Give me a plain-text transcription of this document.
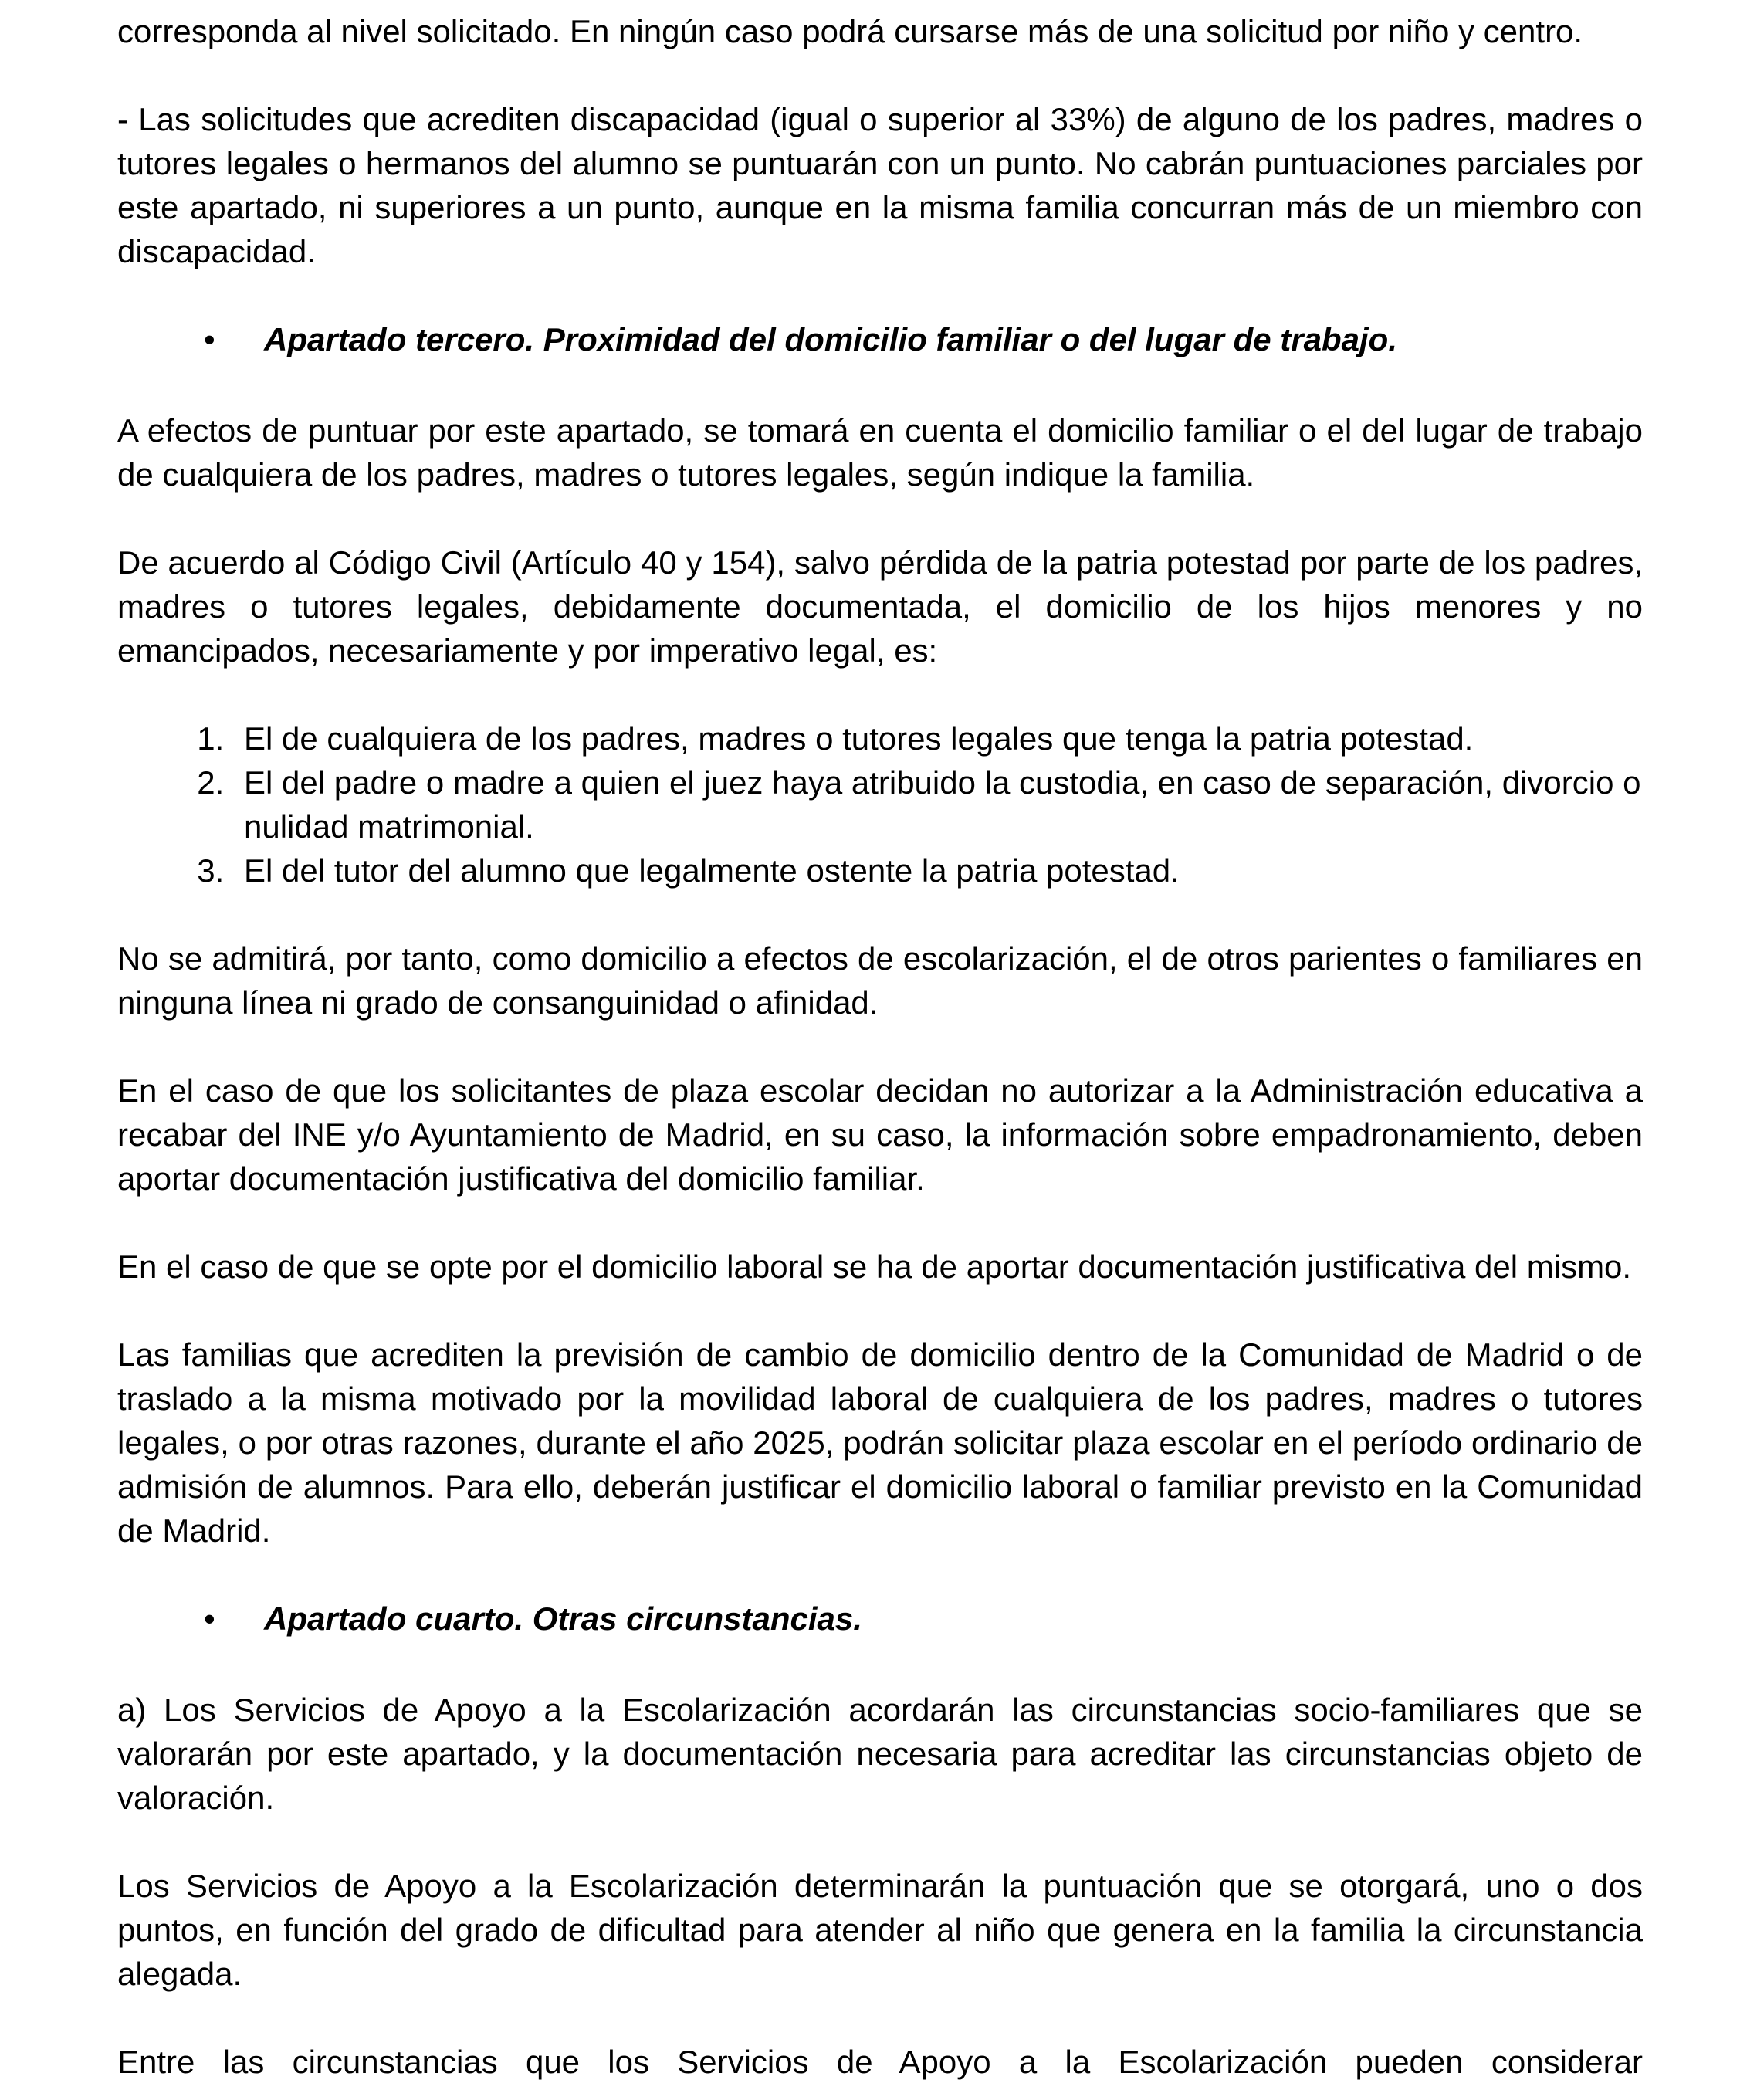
corresponda al nivel solicitado. En ningún caso podrá cursarse más de una solicitud por niño y centro.

- Las solicitudes que acrediten discapacidad (igual o superior al 33%) de alguno de los padres, madres o tutores legales o hermanos del alumno se puntuarán con un punto. No cabrán puntuaciones parciales por este apartado, ni superiores a un punto, aunque en la misma familia concurran más de un miembro con discapacidad.

•	Apartado tercero. Proximidad del domicilio familiar o del lugar de trabajo.

A efectos de puntuar por este apartado, se tomará en cuenta el domicilio familiar o el del lugar de trabajo de cualquiera de los padres, madres o tutores legales, según indique la familia.

De acuerdo al Código Civil (Artículo 40 y 154), salvo pérdida de la patria potestad por parte de los padres, madres o tutores legales, debidamente documentada, el domicilio de los hijos menores y no emancipados, necesariamente y por imperativo legal, es:

1. El de cualquiera de los padres, madres o tutores legales que tenga la patria potestad.
2. El del padre o madre a quien el juez haya atribuido la custodia, en caso de separación, divorcio o nulidad matrimonial.
3. El del tutor del alumno que legalmente ostente la patria potestad.

No se admitirá, por tanto, como domicilio a efectos de escolarización, el de otros parientes o familiares en ninguna línea ni grado de consanguinidad o afinidad.

En el caso de que los solicitantes de plaza escolar decidan no autorizar a la Administración educativa a recabar del INE y/o Ayuntamiento de Madrid, en su caso, la información sobre empadronamiento, deben aportar documentación justificativa del domicilio familiar.

En el caso de que se opte por el domicilio laboral se ha de aportar documentación justificativa del mismo.

Las familias que acrediten la previsión de cambio de domicilio dentro de la Comunidad de Madrid o de traslado a la misma motivado por la movilidad laboral de cualquiera de los padres, madres o tutores legales, o por otras razones, durante el año 2025, podrán solicitar plaza escolar en el período ordinario de admisión de alumnos. Para ello, deberán justificar el domicilio laboral o familiar previsto en la Comunidad de Madrid.

•	Apartado cuarto. Otras circunstancias.

a) Los Servicios de Apoyo a la Escolarización acordarán las circunstancias socio-familiares que se valorarán por este apartado, y la documentación necesaria para acreditar las circunstancias objeto de valoración.

Los Servicios de Apoyo a la Escolarización determinarán la puntuación que se otorgará, uno o dos puntos, en función del grado de dificultad para atender al niño que genera en la familia la circunstancia alegada.

Entre las circunstancias que los Servicios de Apoyo a la Escolarización pueden considerar
